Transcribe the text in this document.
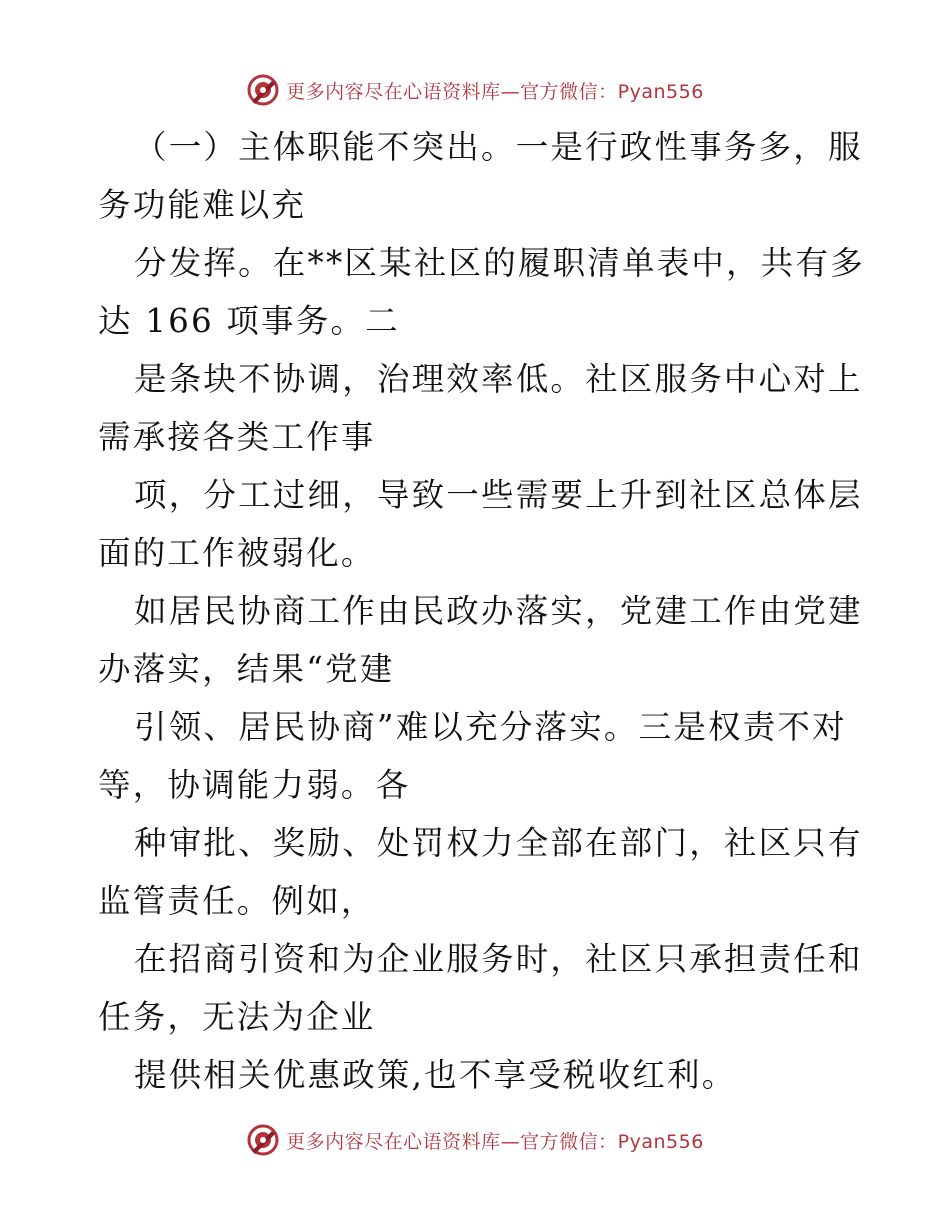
更多内容尽在心语资料库—官方微信：Pyan556
（一）主体职能不突出。一是行政性事务多，服
务功能难以充
分发挥。在**区某社区的履职清单表中，共有多
达 166 项事务。二
是条块不协调，治理效率低。社区服务中心对上
需承接各类工作事
项，分工过细，导致一些需要上升到社区总体层
面的工作被弱化。
如居民协商工作由民政办落实，党建工作由党建
办落实，结果“党建
引领、居民协商”难以充分落实。三是权责不对
等，协调能力弱。各
种审批、奖励、处罚权力全部在部门，社区只有
监管责任。例如，
在招商引资和为企业服务时，社区只承担责任和
任务，无法为企业
提供相关优惠政策,也不享受税收红利。
更多内容尽在心语资料库—官方微信：Pyan556
